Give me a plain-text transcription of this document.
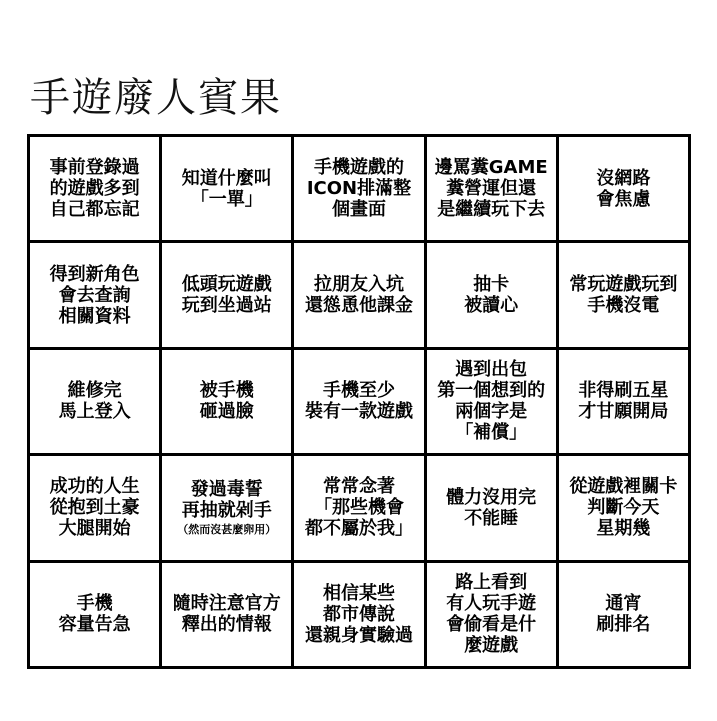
手遊廢人賓果
事前登錄過
的遊戲多到
自己都忘記
知道什麼叫
「一單」
手機遊戲的
ICON排滿整
個畫面
邊罵糞GAME
糞營運但還
是繼續玩下去
沒網路
會焦慮
得到新角色
會去查詢
相關資料
低頭玩遊戲
玩到坐過站
拉朋友入坑
還慫恿他課金
抽卡
被讀心
常玩遊戲玩到
手機沒電
維修完
馬上登入
被手機
砸過臉
手機至少
裝有一款遊戲
遇到出包
第一個想到的
兩個字是
「補償」
非得刷五星
才甘願開局
成功的人生
從抱到土豪
大腿開始
發過毒誓
再抽就剁手
（然而沒甚麼卵用）
常常念著
「那些機會
都不屬於我」
體力沒用完
不能睡
從遊戲裡關卡
判斷今天
星期幾
手機
容量告急
隨時注意官方
釋出的情報
相信某些
都市傳說
還親身實驗過
路上看到
有人玩手遊
會偷看是什
麼遊戲
通宵
刷排名
